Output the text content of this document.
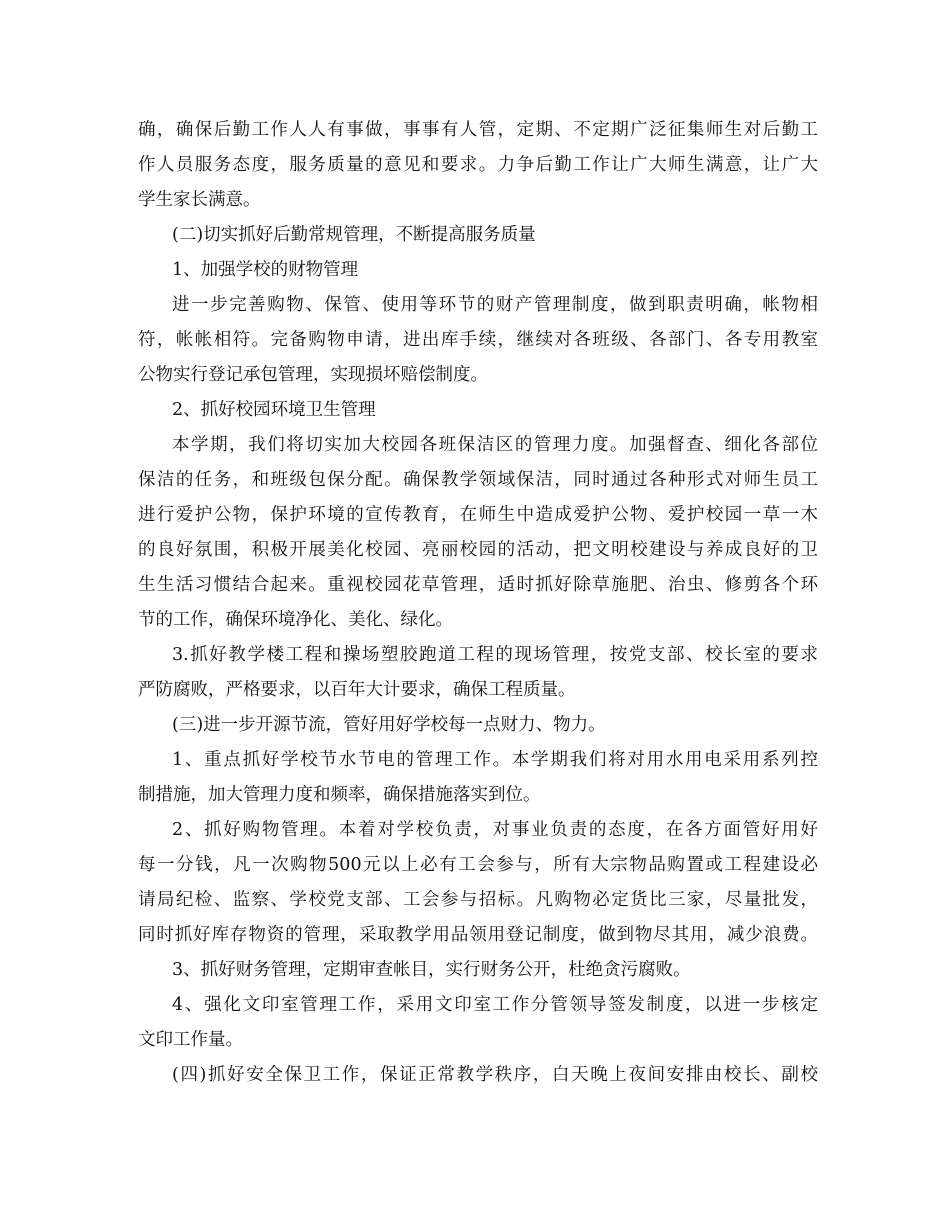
确，确保后勤工作人人有事做，事事有人管，定期、不定期广泛征集师生对后勤工
作人员服务态度，服务质量的意见和要求。力争后勤工作让广大师生满意，让广大
学生家长满意。
(二)切实抓好后勤常规管理，不断提高服务质量
1、加强学校的财物管理
进一步完善购物、保管、使用等环节的财产管理制度，做到职责明确，帐物相
符，帐帐相符。完备购物申请，进出库手续，继续对各班级、各部门、各专用教室
公物实行登记承包管理，实现损坏赔偿制度。
2、抓好校园环境卫生管理
本学期，我们将切实加大校园各班保洁区的管理力度。加强督查、细化各部位
保洁的任务，和班级包保分配。确保教学领域保洁，同时通过各种形式对师生员工
进行爱护公物，保护环境的宣传教育，在师生中造成爱护公物、爱护校园一草一木
的良好氛围，积极开展美化校园、亮丽校园的活动，把文明校建设与养成良好的卫
生生活习惯结合起来。重视校园花草管理，适时抓好除草施肥、治虫、修剪各个环
节的工作，确保环境净化、美化、绿化。
3.抓好教学楼工程和操场塑胶跑道工程的现场管理，按党支部、校长室的要求
严防腐败，严格要求，以百年大计要求，确保工程质量。
(三)进一步开源节流，管好用好学校每一点财力、物力。
1、重点抓好学校节水节电的管理工作。本学期我们将对用水用电采用系列控
制措施，加大管理力度和频率，确保措施落实到位。
2、抓好购物管理。本着对学校负责，对事业负责的态度，在各方面管好用好
每一分钱，凡一次购物500元以上必有工会参与，所有大宗物品购置或工程建设必
请局纪检、监察、学校党支部、工会参与招标。凡购物必定货比三家，尽量批发，
同时抓好库存物资的管理，采取教学用品领用登记制度，做到物尽其用，减少浪费。
3、抓好财务管理，定期审查帐目，实行财务公开，杜绝贪污腐败。
4、强化文印室管理工作，采用文印室工作分管领导签发制度，以进一步核定
文印工作量。
(四)抓好安全保卫工作，保证正常教学秩序，白天晚上夜间安排由校长、副校
